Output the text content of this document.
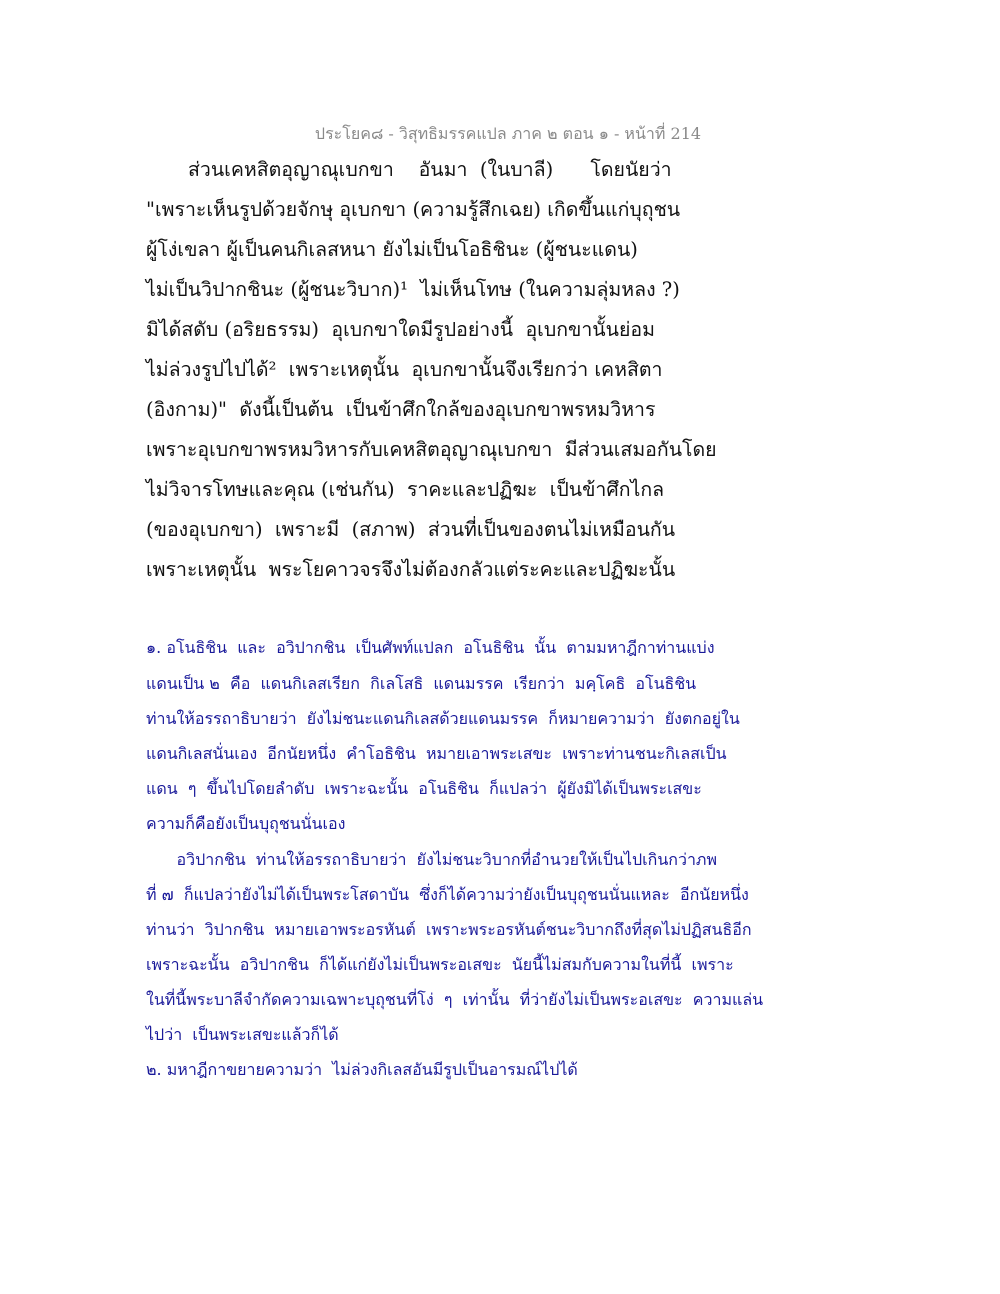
ประโยค๘ - วิสุทธิมรรคแปล ภาค ๒ ตอน ๑ - หน้าที่ 214
ส่วนเคหสิตอุญาณุเบกขา    อันมา  (ในบาลี)      โดยนัยว่า
"เพราะเห็นรูปด้วยจักษุ อุเบกขา (ความรู้สึกเฉย) เกิดขึ้นแก่บุถุชน
ผู้โง่เขลา ผู้เป็นคนกิเลสหนา ยังไม่เป็นโอธิชินะ (ผู้ชนะแดน)
ไม่เป็นวิปากชินะ (ผู้ชนะวิบาก)¹  ไม่เห็นโทษ (ในความลุ่มหลง ?)
มิได้สดับ (อริยธรรม)  อุเบกขาใดมีรูปอย่างนี้  อุเบกขานั้นย่อม
ไม่ล่วงรูปไปได้²  เพราะเหตุนั้น  อุเบกขานั้นจึงเรียกว่า เคหสิตา
(อิงกาม)"  ดังนี้เป็นต้น  เป็นข้าศึกใกล้ของอุเบกขาพรหมวิหาร
เพราะอุเบกขาพรหมวิหารกับเคหสิตอุญาณุเบกขา  มีส่วนเสมอกันโดย
ไม่วิจารโทษและคุณ (เช่นกัน)  ราคะและปฏิฆะ  เป็นข้าศึกไกล
(ของอุเบกขา)  เพราะมี  (สภาพ)  ส่วนที่เป็นของตนไม่เหมือนกัน
เพราะเหตุนั้น  พระโยคาวจรจึงไม่ต้องกลัวแต่ระคะและปฏิฆะนั้น
๑. อโนธิชิน  และ  อวิปากชิน  เป็นศัพท์แปลก  อโนธิชิน  นั้น  ตามมหาฎีกาท่านแบ่ง
แดนเป็น ๒  คือ  แดนกิเลสเรียก  กิเลโสธิ  แดนมรรค  เรียกว่า  มคฺโคธิ  อโนธิชิน
ท่านให้อรรถาธิบายว่า  ยังไม่ชนะแดนกิเลสด้วยแดนมรรค  ก็หมายความว่า  ยังตกอยู่ใน
แดนกิเลสนั่นเอง  อีกนัยหนึ่ง  คำโอธิชิน  หมายเอาพระเสขะ  เพราะท่านชนะกิเลสเป็น
แดน  ๆ  ขึ้นไปโดยลำดับ  เพราะฉะนั้น  อโนธิชิน  ก็แปลว่า  ผู้ยังมิได้เป็นพระเสขะ
ความก็คือยังเป็นบุถุชนนั่นเอง
อวิปากชิน  ท่านให้อรรถาธิบายว่า  ยังไม่ชนะวิบากที่อำนวยให้เป็นไปเกินกว่าภพ
ที่ ๗  ก็แปลว่ายังไม่ได้เป็นพระโสดาบัน  ซึ่งก็ได้ความว่ายังเป็นบุถุชนนั่นแหละ  อีกนัยหนึ่ง
ท่านว่า  วิปากชิน  หมายเอาพระอรหันต์  เพราะพระอรหันต์ชนะวิบากถึงที่สุดไม่ปฏิสนธิอีก
เพราะฉะนั้น  อวิปากชิน  ก็ได้แก่ยังไม่เป็นพระอเสขะ  นัยนี้ไม่สมกับความในที่นี้  เพราะ
ในที่นี้พระบาลีจำกัดความเฉพาะบุถุชนที่โง่  ๆ  เท่านั้น  ที่ว่ายังไม่เป็นพระอเสขะ  ความแล่น
ไปว่า  เป็นพระเสขะแล้วก็ได้
๒. มหาฎีกาขยายความว่า  ไม่ล่วงกิเลสอันมีรูปเป็นอารมณ์ไปได้
